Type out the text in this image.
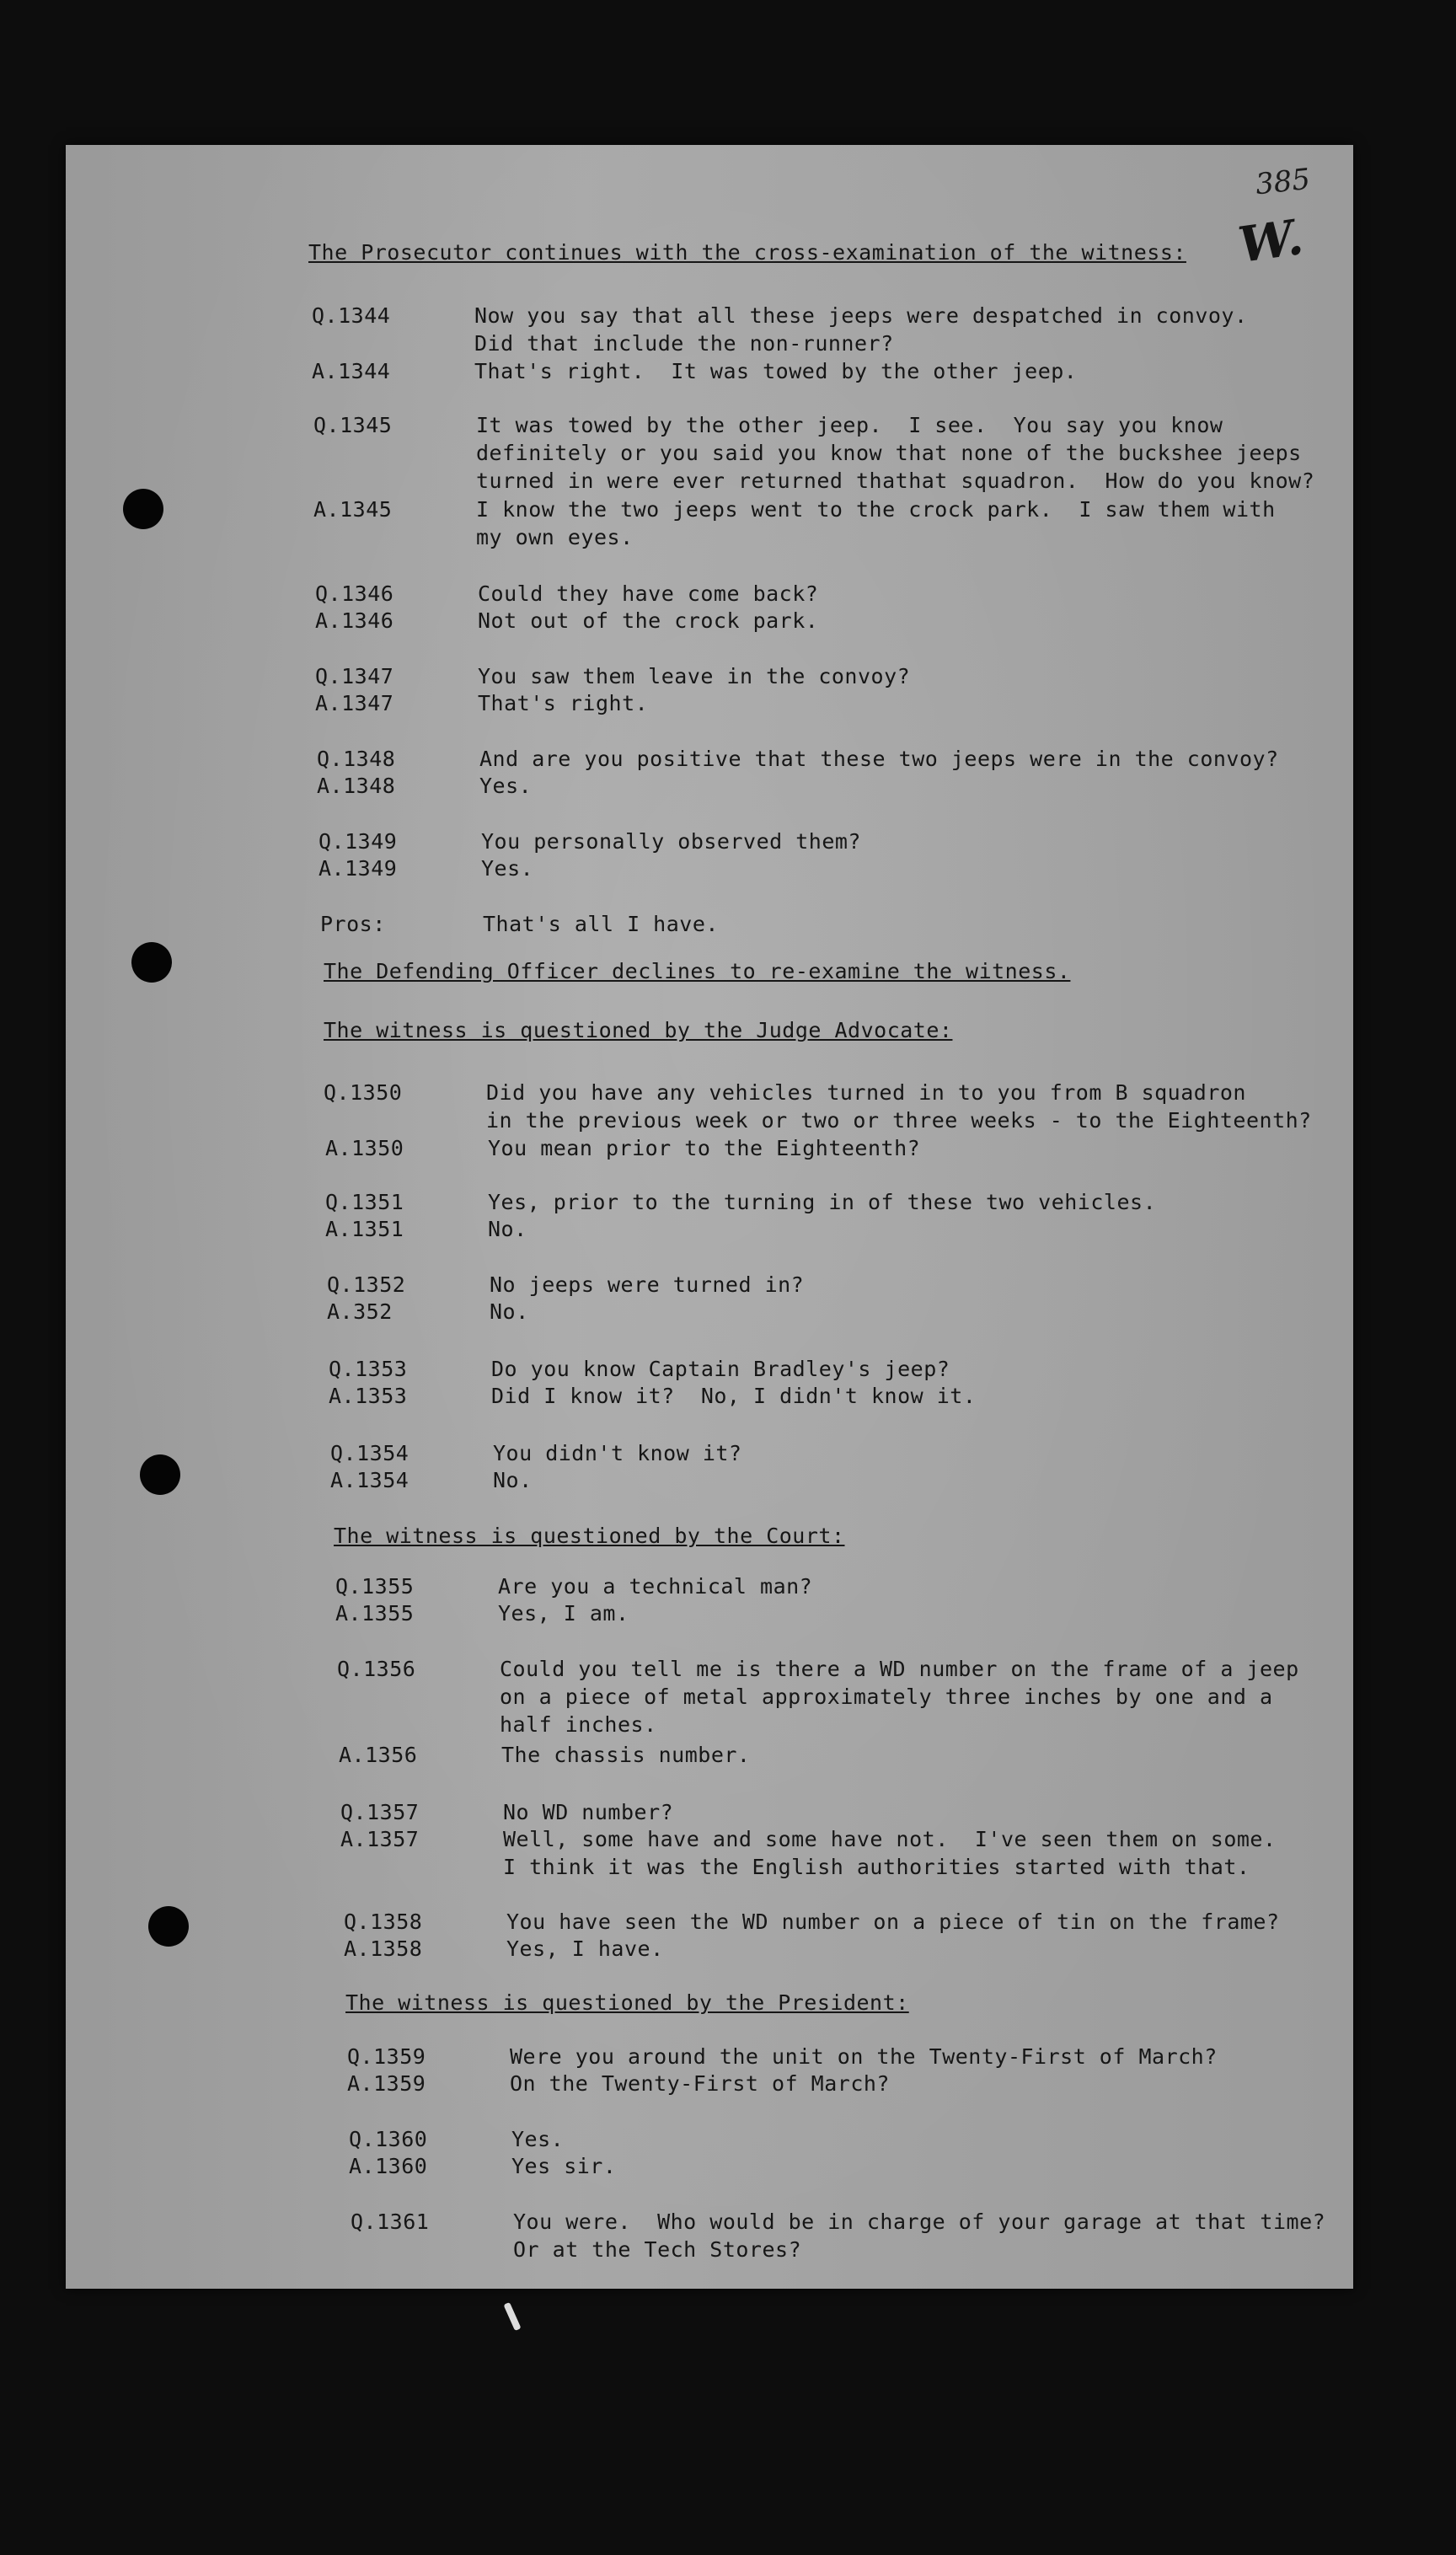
385

W.

The Prosecutor continues with the cross-examination of the witness:

The Defending Officer declines to re-examine the witness.

The witness is questioned by the Judge Advocate:

The witness is questioned by the Court:

The witness is questioned by the President:

Q.1344

	Now you say that all these jeeps were despatched in convoy.

Did that include the non-runner?

A.1344

	That's right.  It was towed by the other jeep.

Q.1345

	It was towed by the other jeep.  I see.  You say you know

definitely or you said you know that none of the buckshee jeeps

turned in were ever returned thathat squadron.  How do you know?

A.1345

	I know the two jeeps went to the crock park.  I saw them with

my own eyes.

Q.1346

	Could they have come back?

A.1346

	Not out of the crock park.

Q.1347

	You saw them leave in the convoy?

A.1347

	That's right.

Q.1348

	And are you positive that these two jeeps were in the convoy?

A.1348

	Yes.

Q.1349

	You personally observed them?

A.1349

	Yes.

Pros:

	That's all I have.

Q.1350

	Did you have any vehicles turned in to you from B squadron

in the previous week or two or three weeks - to the Eighteenth?

A.1350

	You mean prior to the Eighteenth?

Q.1351

	Yes, prior to the turning in of these two vehicles.

A.1351

	No.

Q.1352

	No jeeps were turned in?

A.352

	No.

Q.1353

	Do you know Captain Bradley's jeep?

A.1353

	Did I know it?  No, I didn't know it.

Q.1354

	You didn't know it?

A.1354

	No.

Q.1355

	Are you a technical man?

A.1355

	Yes, I am.

Q.1356

	Could you tell me is there a WD number on the frame of a jeep

on a piece of metal approximately three inches by one and a

half inches.

A.1356

	The chassis number.

Q.1357

	No WD number?

A.1357

	Well, some have and some have not.  I've seen them on some.

I think it was the English authorities started with that.

Q.1358

	You have seen the WD number on a piece of tin on the frame?

A.1358

	Yes, I have.

Q.1359

	Were you around the unit on the Twenty-First of March?

A.1359

	On the Twenty-First of March?

Q.1360

	Yes.

A.1360

	Yes sir.

Q.1361

	You were.  Who would be in charge of your garage at that time?

Or at the Tech Stores?
